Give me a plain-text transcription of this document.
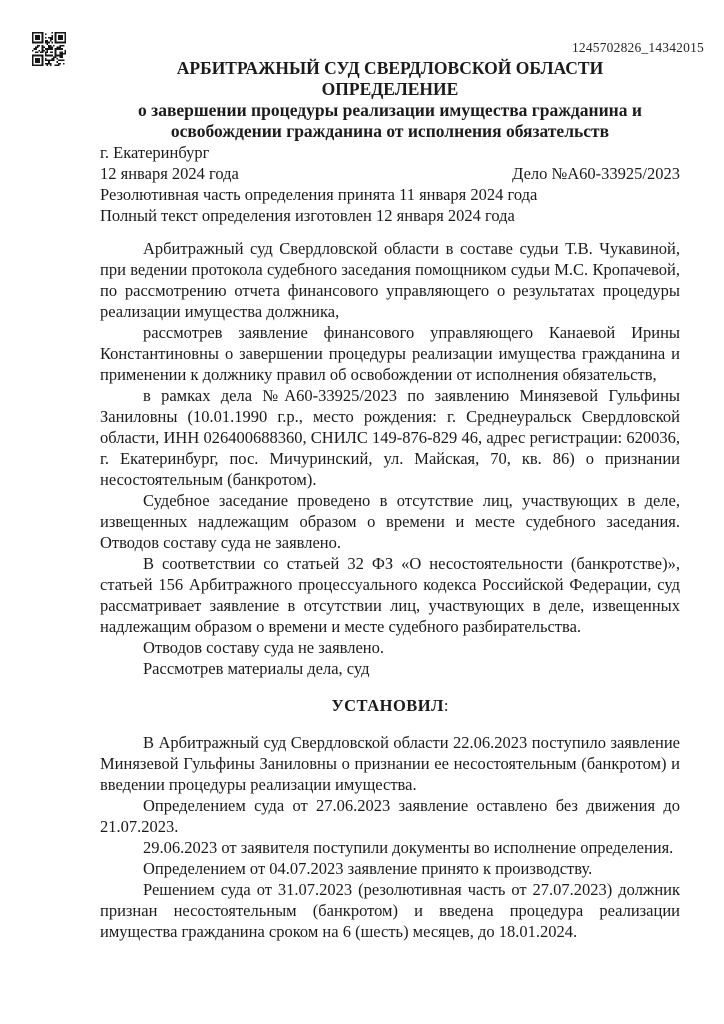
1245702826_14342015
АРБИТРАЖНЫЙ СУД СВЕРДЛОВСКОЙ ОБЛАСТИ
ОПРЕДЕЛЕНИЕ
о завершении процедуры реализации имущества гражданина и
освобождении гражданина от исполнения обязательств
г. Екатеринбург
12 января 2024 года	Дело №А60-33925/2023
Резолютивная часть определения принята 11 января 2024 года
Полный текст определения изготовлен 12 января 2024 года

Арбитражный суд Свердловской области в составе судьи Т.В. Чукавиной, при ведении протокола судебного заседания помощником судьи М.С. Кропачевой, по рассмотрению отчета финансового управляющего о результатах процедуры реализации имущества должника,

рассмотрев заявление финансового управляющего Канаевой Ирины Константиновны о завершении процедуры реализации имущества гражданина и применении к должнику правил об освобождении от исполнения обязательств,

в рамках дела №А60-33925/2023 по заявлению Минязевой Гульфины Заниловны (10.01.1990 г.р., место рождения: г. Среднеуральск Свердловской области, ИНН 026400688360, СНИЛС 149-876-829 46, адрес регистрации: 620036, г. Екатеринбург, пос. Мичуринский, ул. Майская, 70, кв. 86) о признании несостоятельным (банкротом).

Судебное заседание проведено в отсутствие лиц, участвующих в деле, извещенных надлежащим образом о времени и месте судебного заседания. Отводов составу суда не заявлено.

В соответствии со статьей 32 ФЗ «О несостоятельности (банкротстве)», статьей 156 Арбитражного процессуального кодекса Российской Федерации, суд рассматривает заявление в отсутствии лиц, участвующих в деле, извещенных надлежащим образом о времени и месте судебного разбирательства.

Отводов составу суда не заявлено.

Рассмотрев материалы дела, суд

УСТАНОВИЛ:

В Арбитражный суд Свердловской области 22.06.2023 поступило заявление Минязевой Гульфины Заниловны о признании ее несостоятельным (банкротом) и введении процедуры реализации имущества.

Определением суда от 27.06.2023 заявление оставлено без движения до 21.07.2023.

29.06.2023 от заявителя поступили документы во исполнение определения.

Определением от 04.07.2023 заявление принято к производству.

Решением суда от 31.07.2023 (резолютивная часть от 27.07.2023) должник признан несостоятельным (банкротом) и введена процедура реализации имущества гражданина сроком на 6 (шесть) месяцев, до 18.01.2024.
